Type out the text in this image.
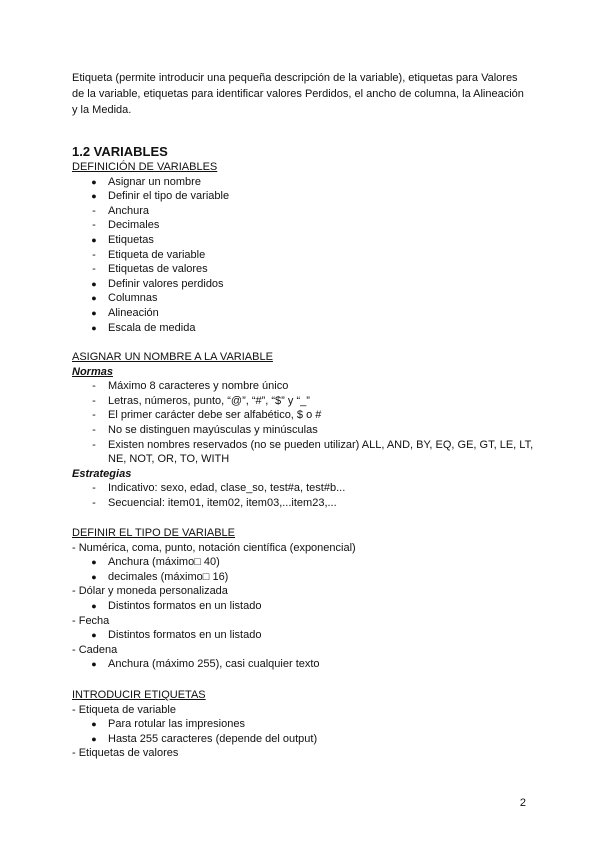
Etiqueta (permite introducir una pequeña descripción de la variable), etiquetas para Valores de la variable, etiquetas para identificar valores Perdidos, el ancho de columna, la Alineación y la Medida.
1.2 VARIABLES
DEFINICIÓN DE VARIABLES
● Asignar un nombre
● Definir el tipo de variable
-	Anchura
-	Decimales
● Etiquetas
-	Etiqueta de variable
-	Etiquetas de valores
● Definir valores perdidos
● Columnas
● Alineación
● Escala de medida
ASIGNAR UN NOMBRE A LA VARIABLE
Normas
-	Máximo 8 caracteres y nombre único
-	Letras, números, punto, “@”, “#”, “$” y “_”
-	El primer carácter debe ser alfabético, $ o #
-	No se distinguen mayúsculas y minúsculas
-	Existen nombres reservados (no se pueden utilizar) ALL, AND, BY, EQ, GE, GT, LE, LT, NE, NOT, OR, TO, WITH
Estrategias
-	Indicativo: sexo, edad, clase_so, test#a, test#b...
-	Secuencial: item01, item02, item03,...item23,...
DEFINIR EL TIPO DE VARIABLE
- Numérica, coma, punto, notación científica (exponencial)
● Anchura (máximo□ 40)
● decimales (máximo□ 16)
- Dólar y moneda personalizada
● Distintos formatos en un listado
- Fecha
● Distintos formatos en un listado
- Cadena
● Anchura (máximo 255), casi cualquier texto
INTRODUCIR ETIQUETAS
- Etiqueta de variable
● Para rotular las impresiones
● Hasta 255 caracteres (depende del output)
- Etiquetas de valores
2
